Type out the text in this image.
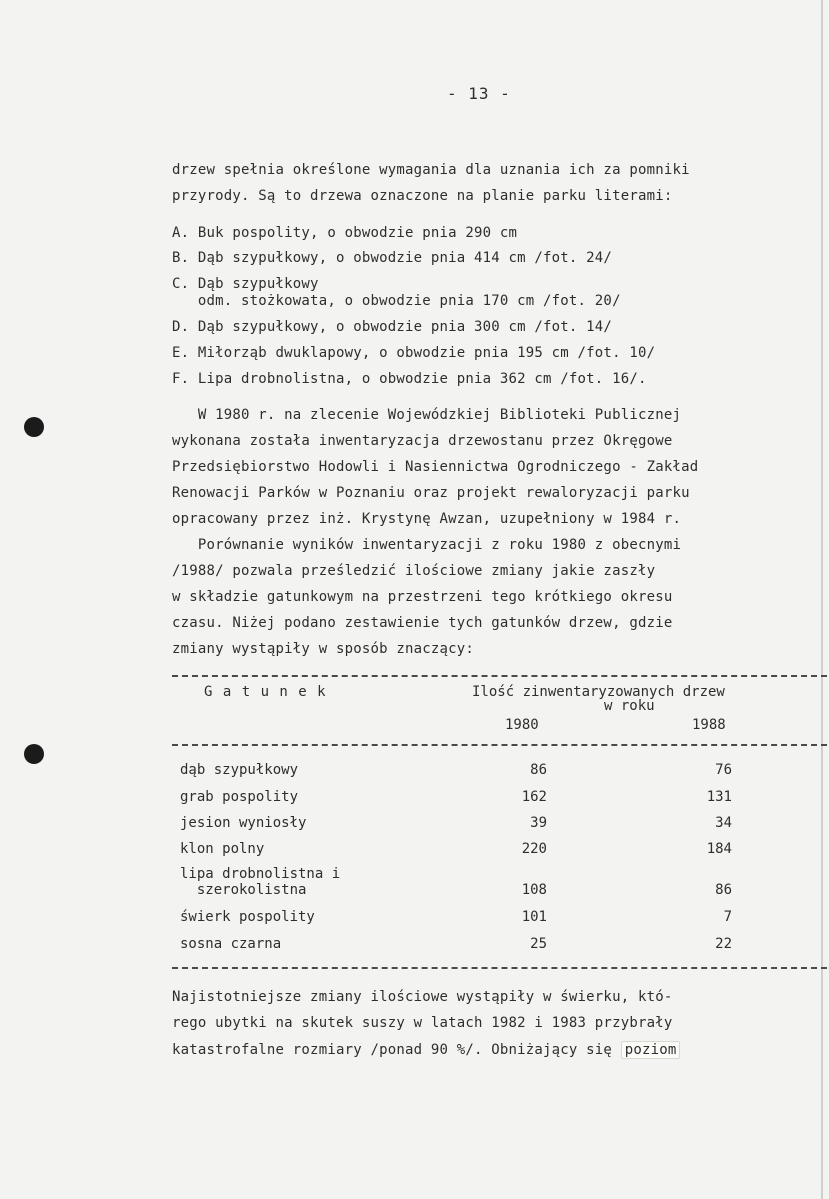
- 13 -
drzew spełnia określone wymagania dla uznania ich za pomniki
przyrody. Są to drzewa oznaczone na planie parku literami:
A. Buk pospolity, o obwodzie pnia 290 cm
B. Dąb szypułkowy, o obwodzie pnia 414 cm /fot. 24/
C. Dąb szypułkowy
odm. stożkowata, o obwodzie pnia 170 cm /fot. 20/
D. Dąb szypułkowy, o obwodzie pnia 300 cm /fot. 14/
E. Miłorząb dwuklapowy, o obwodzie pnia 195 cm /fot. 10/
F. Lipa drobnolistna, o obwodzie pnia 362 cm /fot. 16/.
W 1980 r. na zlecenie Wojewódzkiej Biblioteki Publicznej
wykonana została inwentaryzacja drzewostanu przez Okręgowe
Przedsiębiorstwo Hodowli i Nasiennictwa Ogrodniczego - Zakład
Renowacji Parków w Poznaniu oraz projekt rewaloryzacji parku
opracowany przez inż. Krystynę Awzan, uzupełniony w 1984 r.
Porównanie wyników inwentaryzacji z roku 1980 z obecnymi
/1988/ pozwala prześledzić ilościowe zmiany jakie zaszły
w składzie gatunkowym na przestrzeni tego krótkiego okresu
czasu. Niżej podano zestawienie tych gatunków drzew, gdzie
zmiany wystąpiły w sposób znaczący:
G a t u n e k	Ilość zinwentaryzowanych drzew
w roku
1980	1988
dąb szypułkowy	86	76
grab pospolity	162	131
jesion wyniosły	39	34
klon polny	220	184
lipa drobnolistna i
szerokolistna	108	86
świerk pospolity	101	7
sosna czarna	25	22
Najistotniejsze zmiany ilościowe wystąpiły w świerku, któ-
rego ubytki na skutek suszy w latach 1982 i 1983 przybrały
katastrofalne rozmiary /ponad 90 %/. Obniżający się poziom
